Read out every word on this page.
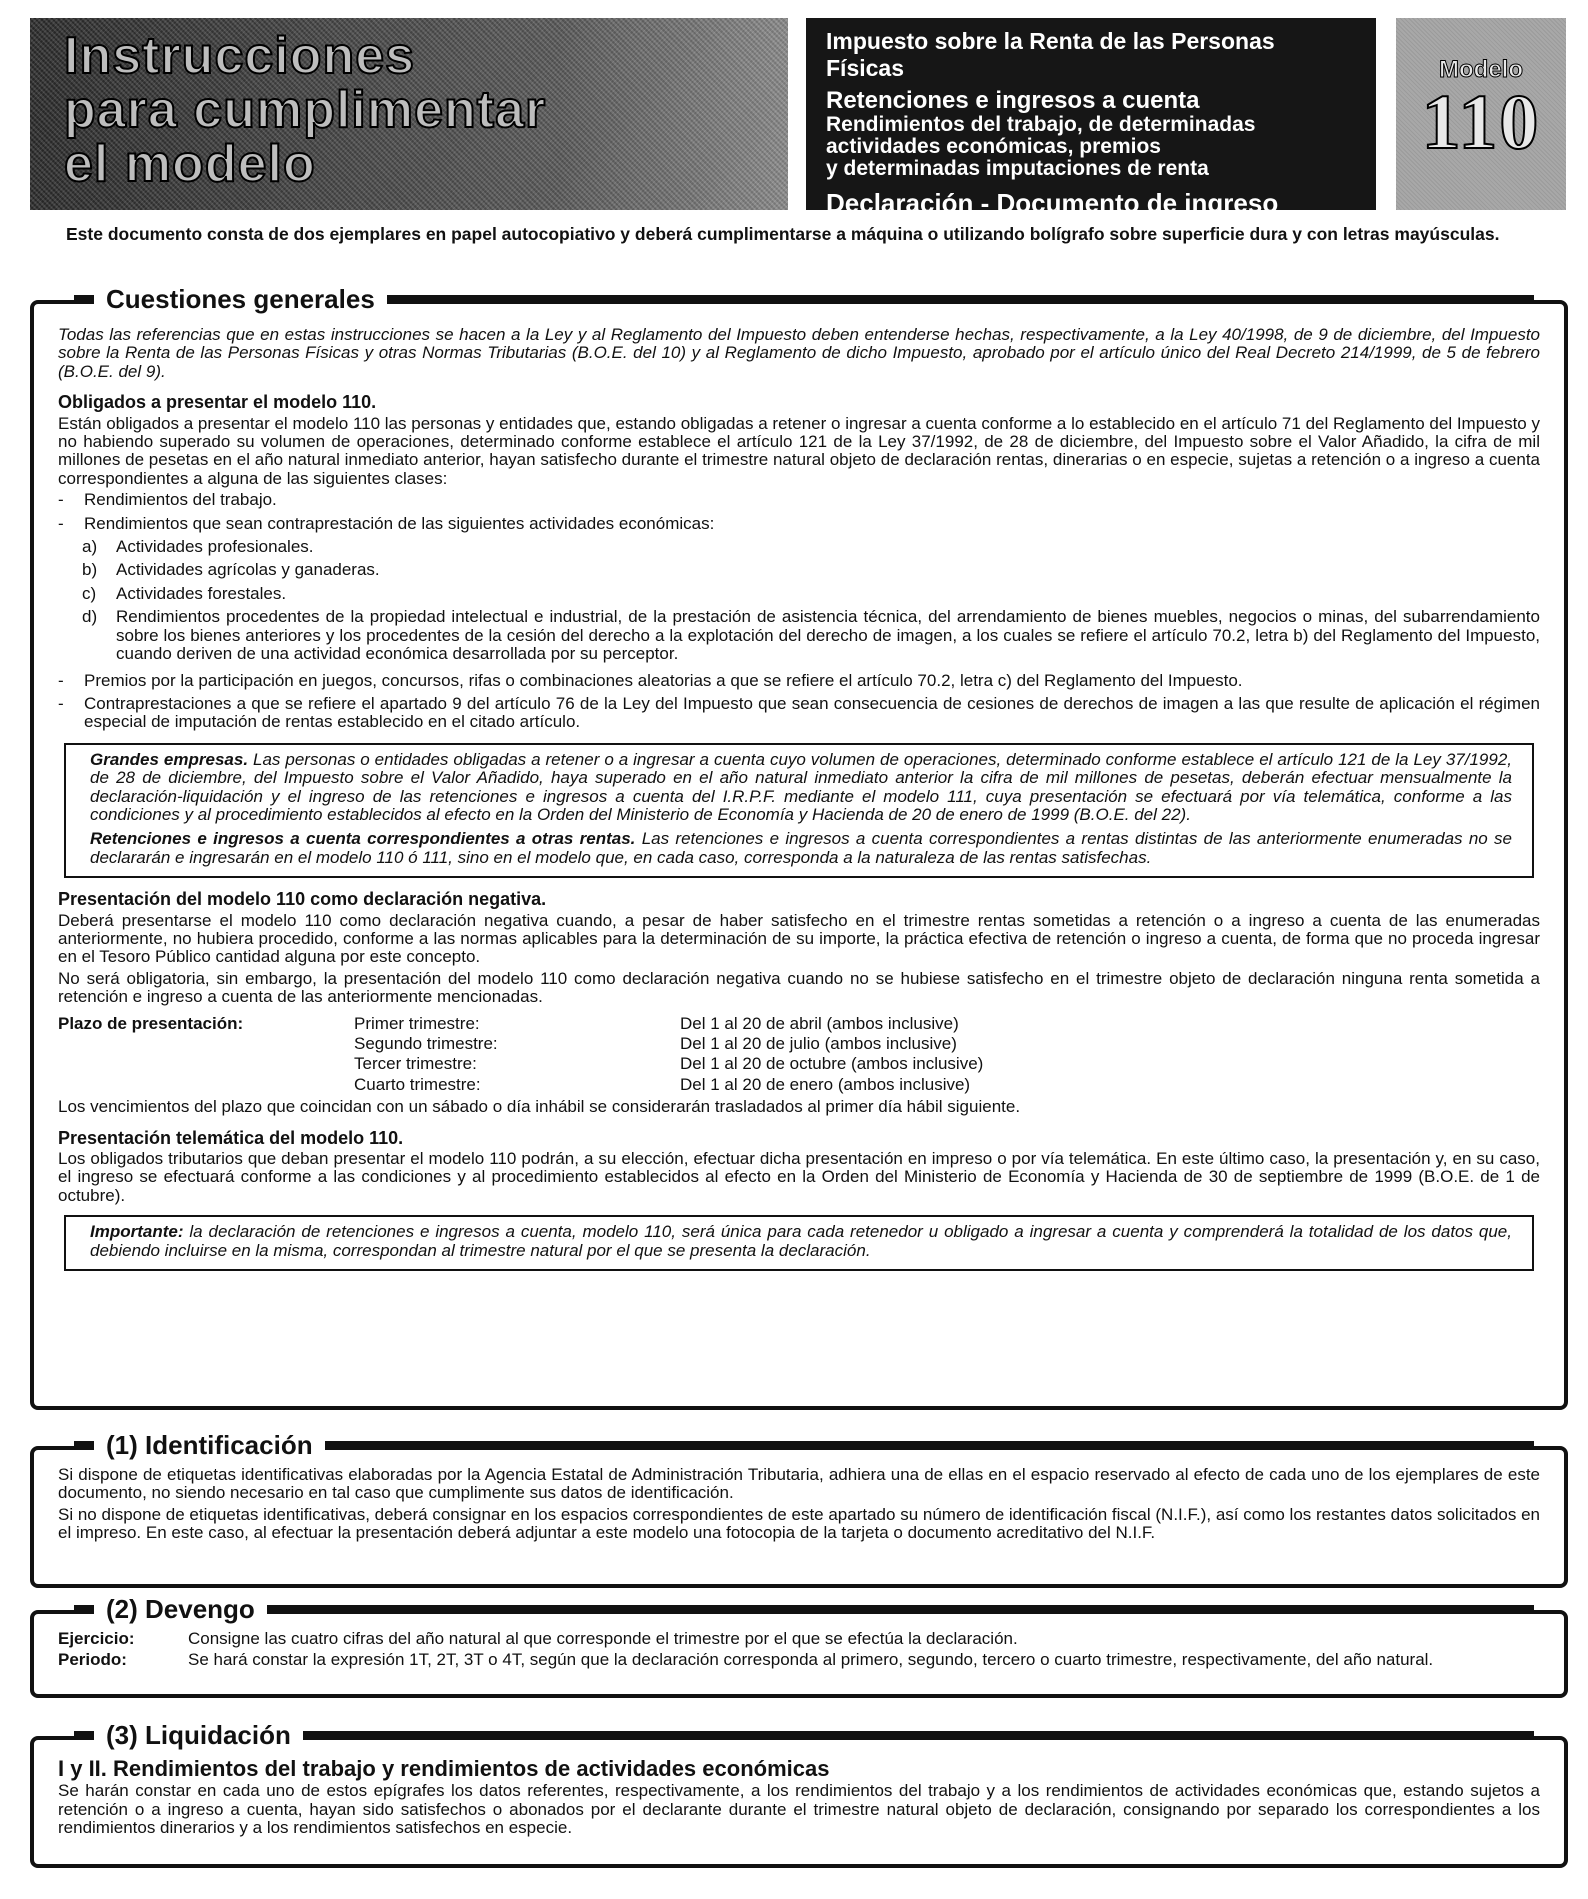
Instrucciones
para cumplimentar
el modelo
Impuesto sobre la Renta de las Personas Físicas
Retenciones e ingresos a cuenta
Rendimientos del trabajo, de determinadas
actividades económicas, premios
y determinadas imputaciones de renta
Declaración - Documento de ingreso
Modelo
110
Este documento consta de dos ejemplares en papel autocopiativo y deberá cumplimentarse a máquina o utilizando bolígrafo sobre superficie dura y con letras mayúsculas.
Cuestiones generales

Todas las referencias que en estas instrucciones se hacen a la Ley y al Reglamento del Impuesto deben entenderse hechas, respectivamente, a la Ley 40/1998, de 9 de diciembre, del Impuesto sobre la Renta de las Personas Físicas y otras Normas Tributarias (B.O.E. del 10) y al Reglamento de dicho Impuesto, aprobado por el artículo único del Real Decreto 214/1999, de 5 de febrero (B.O.E. del 9).

Obligados a presentar el modelo 110.

Están obligados a presentar el modelo 110 las personas y entidades que, estando obligadas a retener o ingresar a cuenta conforme a lo establecido en el artículo 71 del Reglamento del Impuesto y no habiendo superado su volumen de operaciones, determinado conforme establece el artículo 121 de la Ley 37/1992, de 28 de diciembre, del Impuesto sobre el Valor Añadido, la cifra de mil millones de pesetas en el año natural inmediato anterior, hayan satisfecho durante el trimestre natural objeto de declaración rentas, dinerarias o en especie, sujetas a retención o a ingreso a cuenta correspondientes a alguna de las siguientes clases:

-	Rendimientos del trabajo.
-	Rendimientos que sean contraprestación de las siguientes actividades económicas:
a)	Actividades profesionales.
b)	Actividades agrícolas y ganaderas.
c)	Actividades forestales.
d)	Rendimientos procedentes de la propiedad intelectual e industrial, de la prestación de asistencia técnica, del arrendamiento de bienes muebles, negocios o minas, del subarrendamiento sobre los bienes anteriores y los procedentes de la cesión del derecho a la explotación del derecho de imagen, a los cuales se refiere el artículo 70.2, letra b) del Reglamento del Impuesto, cuando deriven de una actividad económica desarrollada por su perceptor.
-	Premios por la participación en juegos, concursos, rifas o combinaciones aleatorias a que se refiere el artículo 70.2, letra c) del Reglamento del Impuesto.
-	Contraprestaciones a que se refiere el apartado 9 del artículo 76 de la Ley del Impuesto que sean consecuencia de cesiones de derechos de imagen a las que resulte de aplicación el régimen especial de imputación de rentas establecido en el citado artículo.

Grandes empresas. Las personas o entidades obligadas a retener o a ingresar a cuenta cuyo volumen de operaciones, determinado conforme establece el artículo 121 de la Ley 37/1992, de 28 de diciembre, del Impuesto sobre el Valor Añadido, haya superado en el año natural inmediato anterior la cifra de mil millones de pesetas, deberán efectuar mensualmente la declaración-liquidación y el ingreso de las retenciones e ingresos a cuenta del I.R.P.F. mediante el modelo 111, cuya presentación se efectuará por vía telemática, conforme a las condiciones y al procedimiento establecidos al efecto en la Orden del Ministerio de Economía y Hacienda de 20 de enero de 1999 (B.O.E. del 22).

Retenciones e ingresos a cuenta correspondientes a otras rentas. Las retenciones e ingresos a cuenta correspondientes a rentas distintas de las anteriormente enumeradas no se declararán e ingresarán en el modelo 110 ó 111, sino en el modelo que, en cada caso, corresponda a la naturaleza de las rentas satisfechas.

Presentación del modelo 110 como declaración negativa.

Deberá presentarse el modelo 110 como declaración negativa cuando, a pesar de haber satisfecho en el trimestre rentas sometidas a retención o a ingreso a cuenta de las enumeradas anteriormente, no hubiera procedido, conforme a las normas aplicables para la determinación de su importe, la práctica efectiva de retención o ingreso a cuenta, de forma que no proceda ingresar en el Tesoro Público cantidad alguna por este concepto.

No será obligatoria, sin embargo, la presentación del modelo 110 como declaración negativa cuando no se hubiese satisfecho en el trimestre objeto de declaración ninguna renta sometida a retención e ingreso a cuenta de las anteriormente mencionadas.

Plazo de presentación:	Primer trimestre:	Del 1 al 20 de abril (ambos inclusive)
Segundo trimestre:	Del 1 al 20 de julio (ambos inclusive)
Tercer trimestre:	Del 1 al 20 de octubre (ambos inclusive)
Cuarto trimestre:	Del 1 al 20 de enero (ambos inclusive)

Los vencimientos del plazo que coincidan con un sábado o día inhábil se considerarán trasladados al primer día hábil siguiente.

Presentación telemática del modelo 110.

Los obligados tributarios que deban presentar el modelo 110 podrán, a su elección, efectuar dicha presentación en impreso o por vía telemática. En este último caso, la presentación y, en su caso, el ingreso se efectuará conforme a las condiciones y al procedimiento establecidos al efecto en la Orden del Ministerio de Economía y Hacienda de 30 de septiembre de 1999 (B.O.E. de 1 de octubre).

Importante: la declaración de retenciones e ingresos a cuenta, modelo 110, será única para cada retenedor u obligado a ingresar a cuenta y comprenderá la totalidad de los datos que, debiendo incluirse en la misma, correspondan al trimestre natural por el que se presenta la declaración.

(1) Identificación

Si dispone de etiquetas identificativas elaboradas por la Agencia Estatal de Administración Tributaria, adhiera una de ellas en el espacio reservado al efecto de cada uno de los ejemplares de este documento, no siendo necesario en tal caso que cumplimente sus datos de identificación.

Si no dispone de etiquetas identificativas, deberá consignar en los espacios correspondientes de este apartado su número de identificación fiscal (N.I.F.), así como los restantes datos solicitados en el impreso. En este caso, al efectuar la presentación deberá adjuntar a este modelo una fotocopia de la tarjeta o documento acreditativo del N.I.F.

(2) Devengo
Ejercicio:	Consigne las cuatro cifras del año natural al que corresponde el trimestre por el que se efectúa la declaración.
Periodo:	Se hará constar la expresión 1T, 2T, 3T o 4T, según que la declaración corresponda al primero, segundo, tercero o cuarto trimestre, respectivamente, del año natural.
(3) Liquidación
I y II. Rendimientos del trabajo y rendimientos de actividades económicas

Se harán constar en cada uno de estos epígrafes los datos referentes, respectivamente, a los rendimientos del trabajo y a los rendimientos de actividades económicas que, estando sujetos a retención o a ingreso a cuenta, hayan sido satisfechos o abonados por el declarante durante el trimestre natural objeto de declaración, consignando por separado los correspondientes a los rendimientos dinerarios y a los rendimientos satisfechos en especie.
